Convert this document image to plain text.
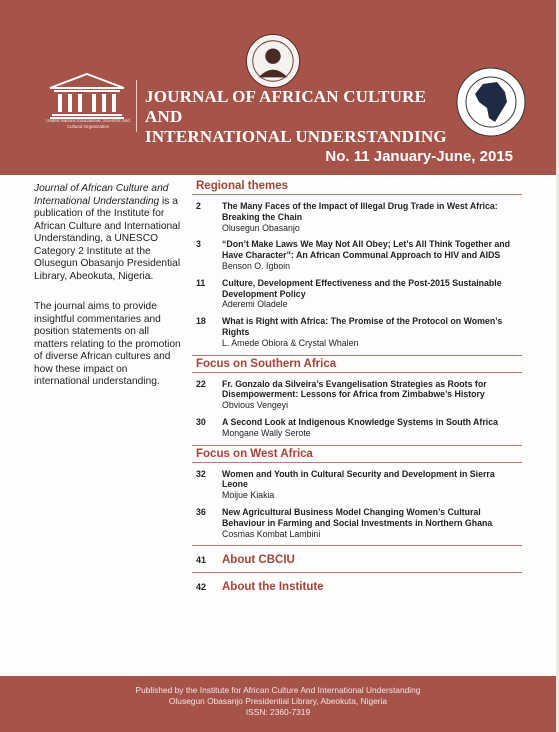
United Nations Educational, Scientific and Cultural Organization
JOURNAL OF AFRICAN CULTURE AND
INTERNATIONAL UNDERSTANDING
No. 11 January-June, 2015

Journal of African Culture and International Understanding is a publication of the Institute for African Culture and International Understanding, a UNESCO Category 2 Institute at the Olusegun Obasanjo Presidential Library, Abeokuta, Nigeria.

The journal aims to provide insightful commentaries and position statements on all matters relating to the promotion of diverse African cultures and how these impact on international understanding.

Regional themes
2	The Many Faces of the Impact of Illegal Drug Trade in West Africa: Breaking the Chain
Olusegun Obasanjo
3	“Don’t Make Laws We May Not All Obey; Let’s All Think Together and Have Character”: An African Communal Approach to HIV and AIDS
Benson O. Igboin
11	Culture, Development Effectiveness and the Post-2015 Sustainable Development Policy
Aderemi Oladele
18	What is Right with Africa: The Promise of the Protocol on Women’s Rights
L. Amede Obiora & Crystal Whalen
Focus on Southern Africa
22	Fr. Gonzalo da Silveira’s Evangelisation Strategies as Roots for Disempowerment: Lessons for Africa from Zimbabwe’s History
Obvious Vengeyi
30	A Second Look at Indigenous Knowledge Systems in South Africa
Mongane Wally Serote
Focus on West Africa
32	Women and Youth in Cultural Security and Development in Sierra Leone
Moijue Kiakia
36	New Agricultural Business Model Changing Women’s Cultural Behaviour in Farming and Social Investments in Northern Ghana
Cosmas Kombat Lambini
41	About CBCIU
42	About the Institute
Published by the Institute for African Culture And International Understanding
Olusegun Obasanjo Presidential Library, Abeokuta, Nigeria
ISSN: 2360-7319
